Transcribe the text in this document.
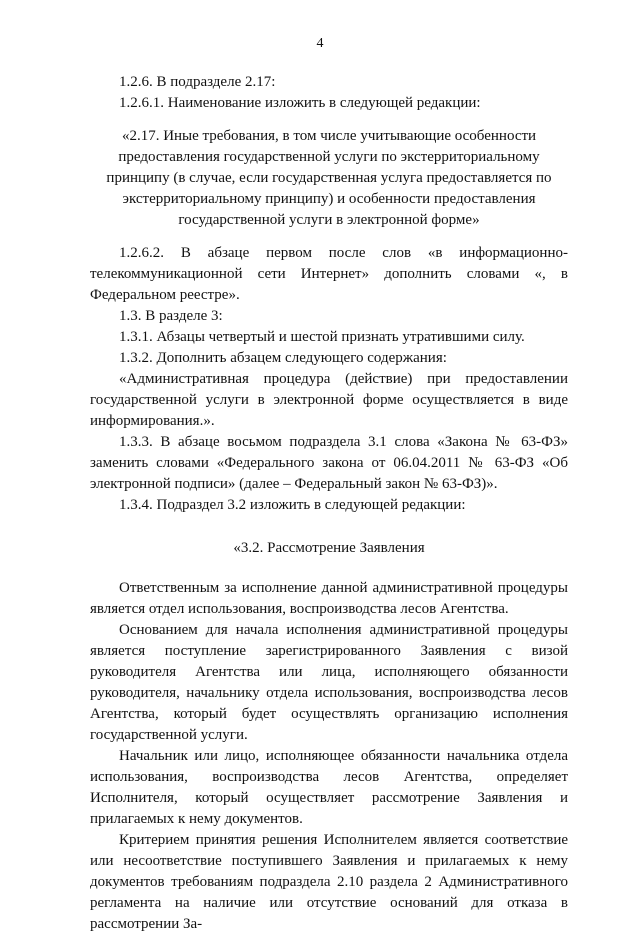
4

1.2.6. В подразделе 2.17:

1.2.6.1. Наименование изложить в следующей редакции:

«2.17. Иные требования, в том числе учитывающие особенности предоставления государственной услуги по экстерриториальному принципу (в случае, если государственная услуга предоставляется по экстерриториальному принципу) и особенности предоставления государственной услуги в электронной форме»

1.2.6.2. В абзаце первом после слов «в информационно-телекоммуникационной сети Интернет» дополнить словами «, в Федеральном реестре».

1.3. В разделе 3:

1.3.1. Абзацы четвертый и шестой признать утратившими силу.

1.3.2. Дополнить абзацем следующего содержания:

«Административная процедура (действие) при предоставлении государственной услуги в электронной форме осуществляется в виде информирования.».

1.3.3. В абзаце восьмом подраздела 3.1 слова «Закона № 63-ФЗ» заменить словами «Федерального закона от 06.04.2011 № 63-ФЗ «Об электронной подписи» (далее – Федеральный закон № 63-ФЗ)».

1.3.4. Подраздел 3.2 изложить в следующей редакции:

«3.2. Рассмотрение Заявления

Ответственным за исполнение данной административной процедуры является отдел использования, воспроизводства лесов Агентства.

Основанием для начала исполнения административной процедуры является поступление зарегистрированного Заявления с визой руководителя Агентства или лица, исполняющего обязанности руководителя, начальнику отдела использования, воспроизводства лесов Агентства, который будет осуществлять организацию исполнения государственной услуги.

Начальник или лицо, исполняющее обязанности начальника отдела использования, воспроизводства лесов Агентства, определяет Исполнителя, который осуществляет рассмотрение Заявления и прилагаемых к нему документов.

Критерием принятия решения Исполнителем является соответствие или несоответствие поступившего Заявления и прилагаемых к нему документов требованиям подраздела 2.10 раздела 2 Административного регламента на наличие или отсутствие оснований для отказа в рассмотрении За-
